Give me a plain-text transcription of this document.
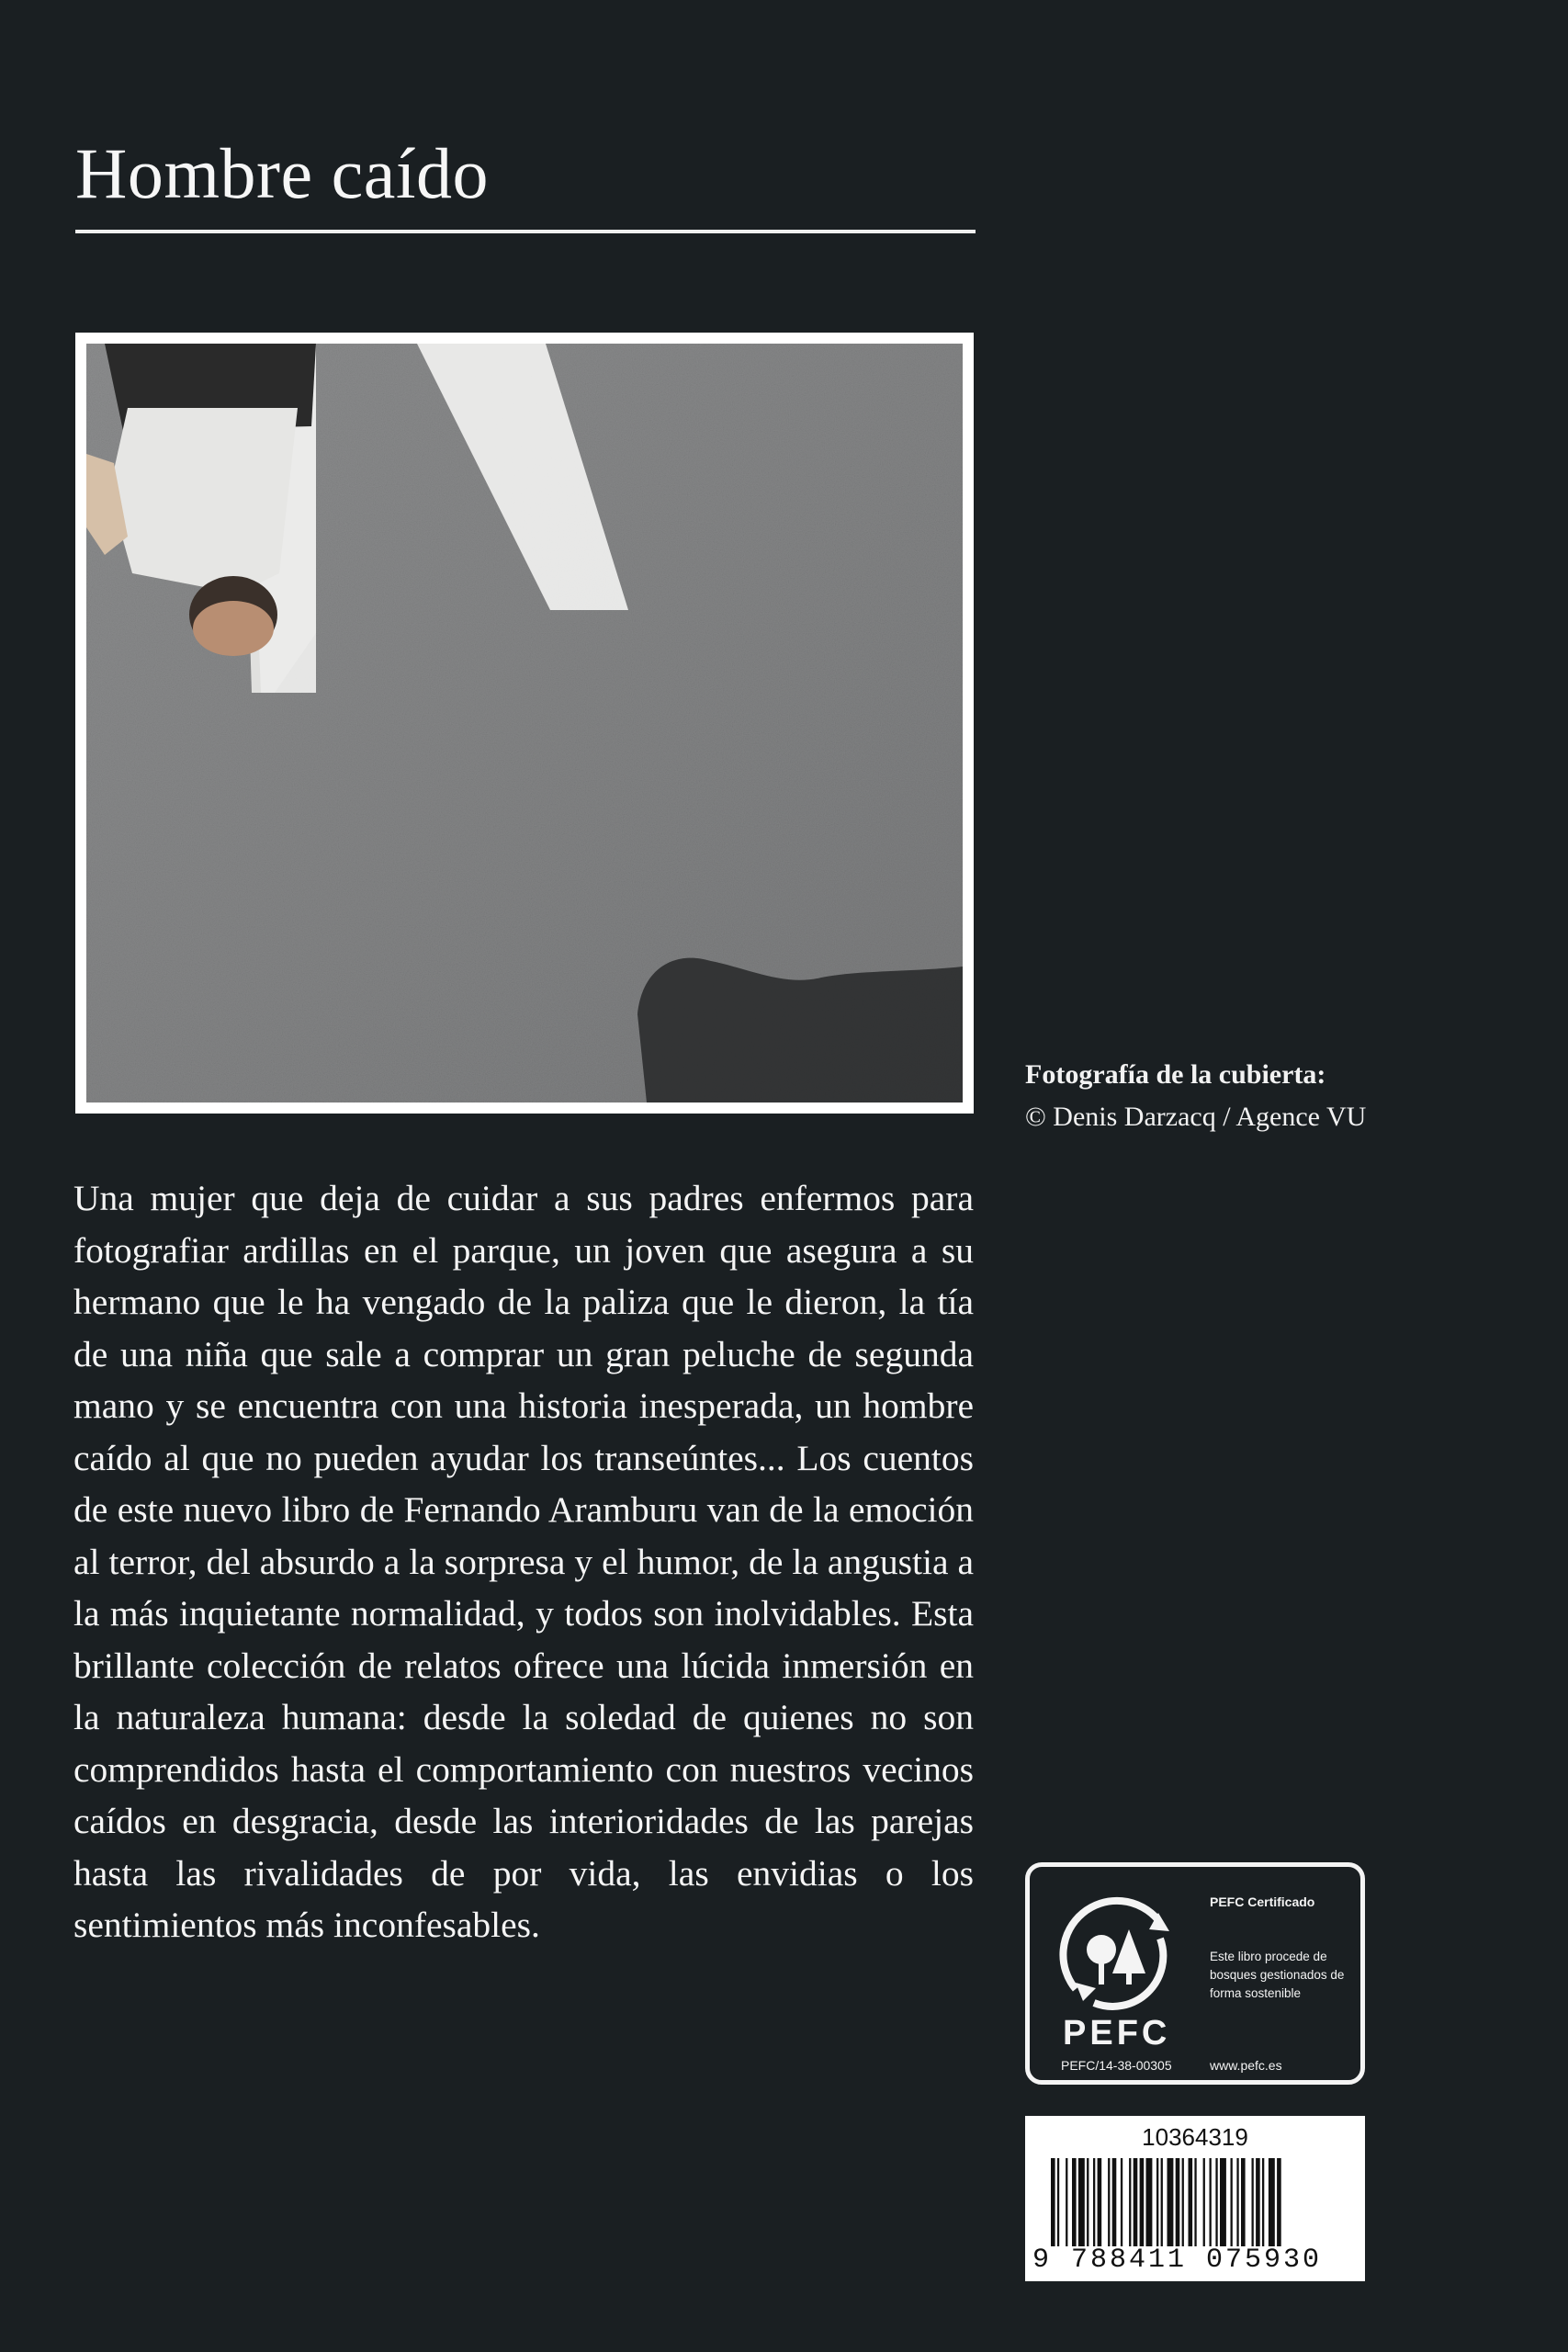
Hombre caído
Fotografía de la cubierta:
© Denis Darzacq / Agence VU

Una mujer que deja de cuidar a sus padres enfermos para fotografiar ardillas en el parque, un joven que asegura a su hermano que le ha vengado de la paliza que le dieron, la tía de una niña que sale a comprar un gran peluche de segunda mano y se encuentra con una historia inesperada, un hombre caído al que no pueden ayudar los transeúntes... Los cuentos de este nuevo libro de Fernando Aramburu van de la emoción al terror, del absurdo a la sorpresa y el humor, de la angustia a la más inquietante normalidad, y todos son inolvidables. Esta brillante colección de relatos ofrece una lúcida inmersión en la naturaleza humana: desde la soledad de quienes no son comprendidos hasta el comportamiento con nuestros vecinos caídos en desgracia, desde las interioridades de las parejas hasta las rivalidades de por vida, las envidias o los sentimientos más inconfesables.

PEFC
PEFC/14-38-00305
PEFC Certificado
Este libro procede de bosques gestionados de forma sostenible
www.pefc.es
10364319
9 788411 075930
